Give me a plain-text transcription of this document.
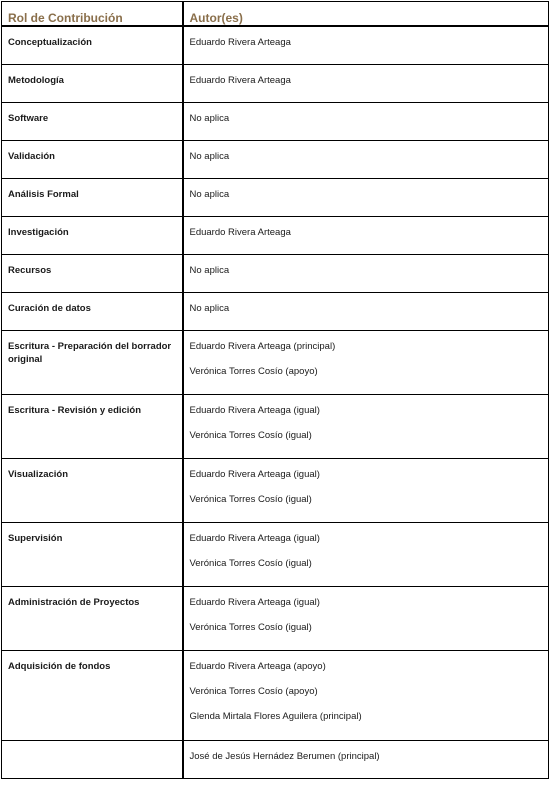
Rol de Contribución	Autor(es)
Conceptualización	Eduardo Rivera Arteaga

Metodología	Eduardo Rivera Arteaga

Software	No aplica

Validación	No aplica

Análisis Formal	No aplica

Investigación	Eduardo Rivera Arteaga

Recursos	No aplica

Curación de datos	No aplica

Escritura - Preparación del borrador original	Eduardo Rivera Arteaga (principal)

Verónica Torres Cosío (apoyo)

Escritura - Revisión y edición	Eduardo Rivera Arteaga (igual)

Verónica Torres Cosío (igual)

Visualización	Eduardo Rivera Arteaga (igual)

Verónica Torres Cosío (igual)

Supervisión	Eduardo Rivera Arteaga (igual)

Verónica Torres Cosío (igual)

Administración de Proyectos	Eduardo Rivera Arteaga (igual)

Verónica Torres Cosío (igual)

Adquisición de fondos	Eduardo Rivera Arteaga (apoyo)

Verónica Torres Cosío (apoyo)

Glenda Mirtala Flores Aguilera (principal)

	José de Jesús Hernádez Berumen (principal)
